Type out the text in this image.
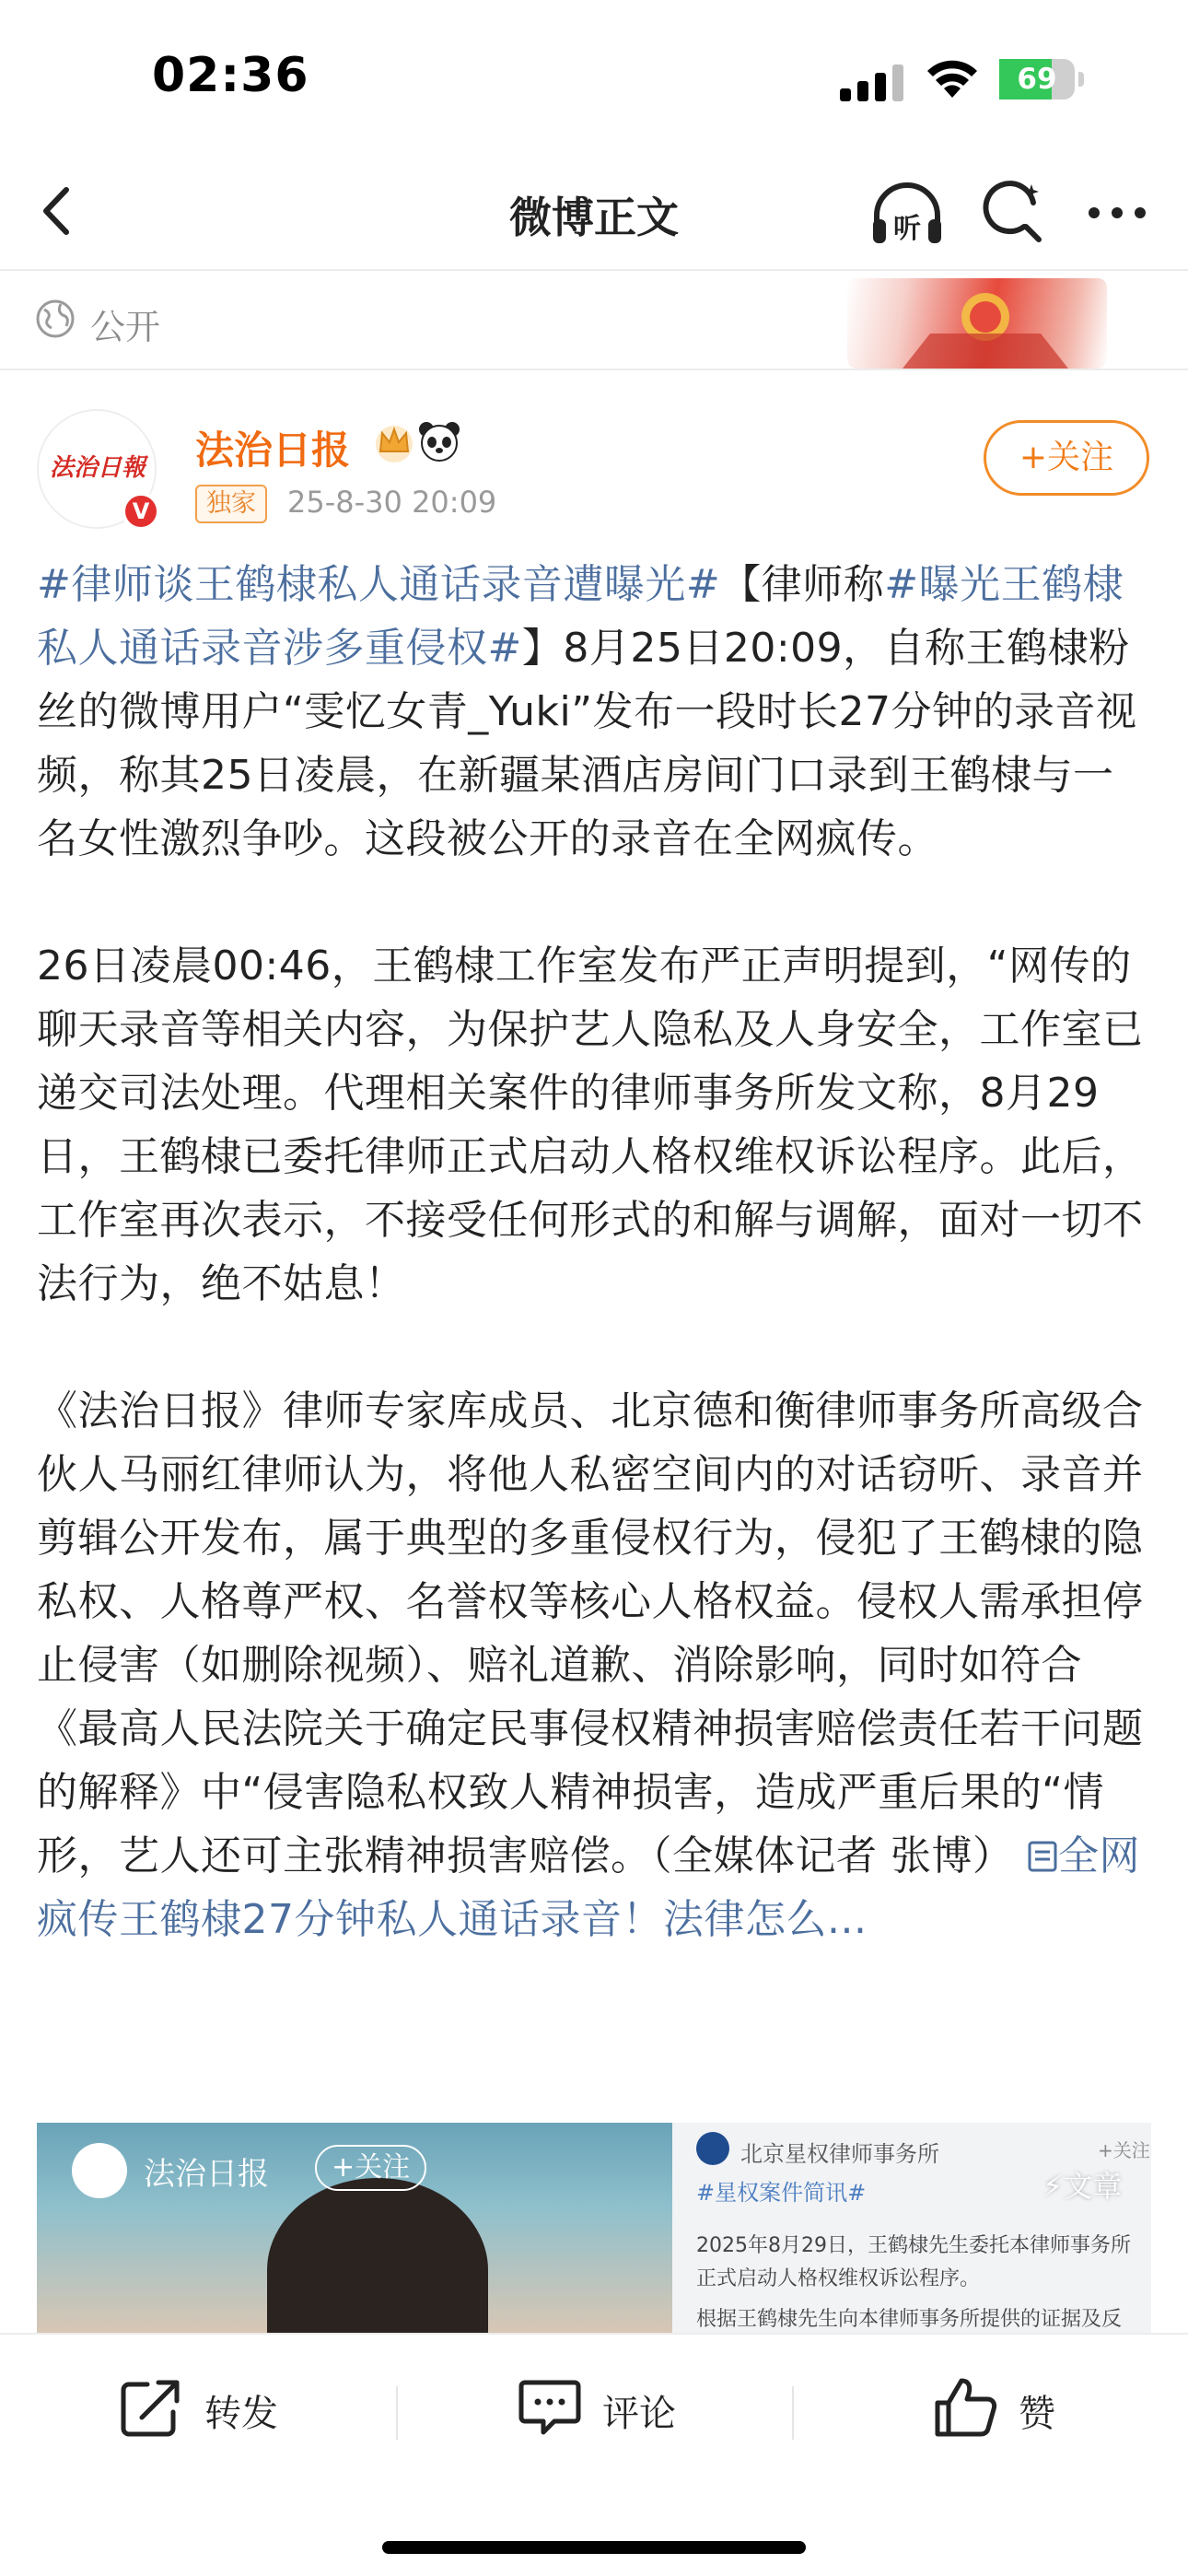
02:36	69
微博正文	听
公开
法治日報
V
法治日报
独家	25-8-30 20:09
+关注

#律师谈王鹤棣私人通话录音遭曝光#【律师称#曝光王鹤棣私人通话录音涉多重侵权#】8月25日20:09，自称王鹤棣粉丝的微博用户“雯忆女青_Yuki”发布一段时长27分钟的录音视频，称其25日凌晨，在新疆某酒店房间门口录到王鹤棣与一名女性激烈争吵。这段被公开的录音在全网疯传。

26日凌晨00:46，王鹤棣工作室发布严正声明提到，“网传的聊天录音等相关内容，为保护艺人隐私及人身安全，工作室已递交司法处理。代理相关案件的律师事务所发文称，8月29日，王鹤棣已委托律师正式启动人格权维权诉讼程序。此后，工作室再次表示，不接受任何形式的和解与调解，面对一切不法行为，绝不姑息！

《法治日报》律师专家库成员、北京德和衡律师事务所高级合伙人马丽红律师认为，将他人私密空间内的对话窃听、录音并剪辑公开发布，属于典型的多重侵权行为，侵犯了王鹤棣的隐私权、人格尊严权、名誉权等核心人格权益。侵权人需承担停止侵害（如删除视频）、赔礼道歉、消除影响，同时如符合《最高人民法院关于确定民事侵权精神损害赔偿责任若干问题的解释》中“侵害隐私权致人精神损害，造成严重后果的“情形，艺人还可主张精神损害赔偿。（全媒体记者 张博） 全网疯传王鹤棣27分钟私人通话录音！法律怎么...

法治日报	+关注	北京星权律师事务所	+关注
#星权案件简讯#	⚡文章
2025年8月29日，王鹤棣先生委托本律师事务所正式启动人格权维权诉讼程序。
根据王鹤棣先生向本律师事务所提供的证据及反
转发	评论	赞
